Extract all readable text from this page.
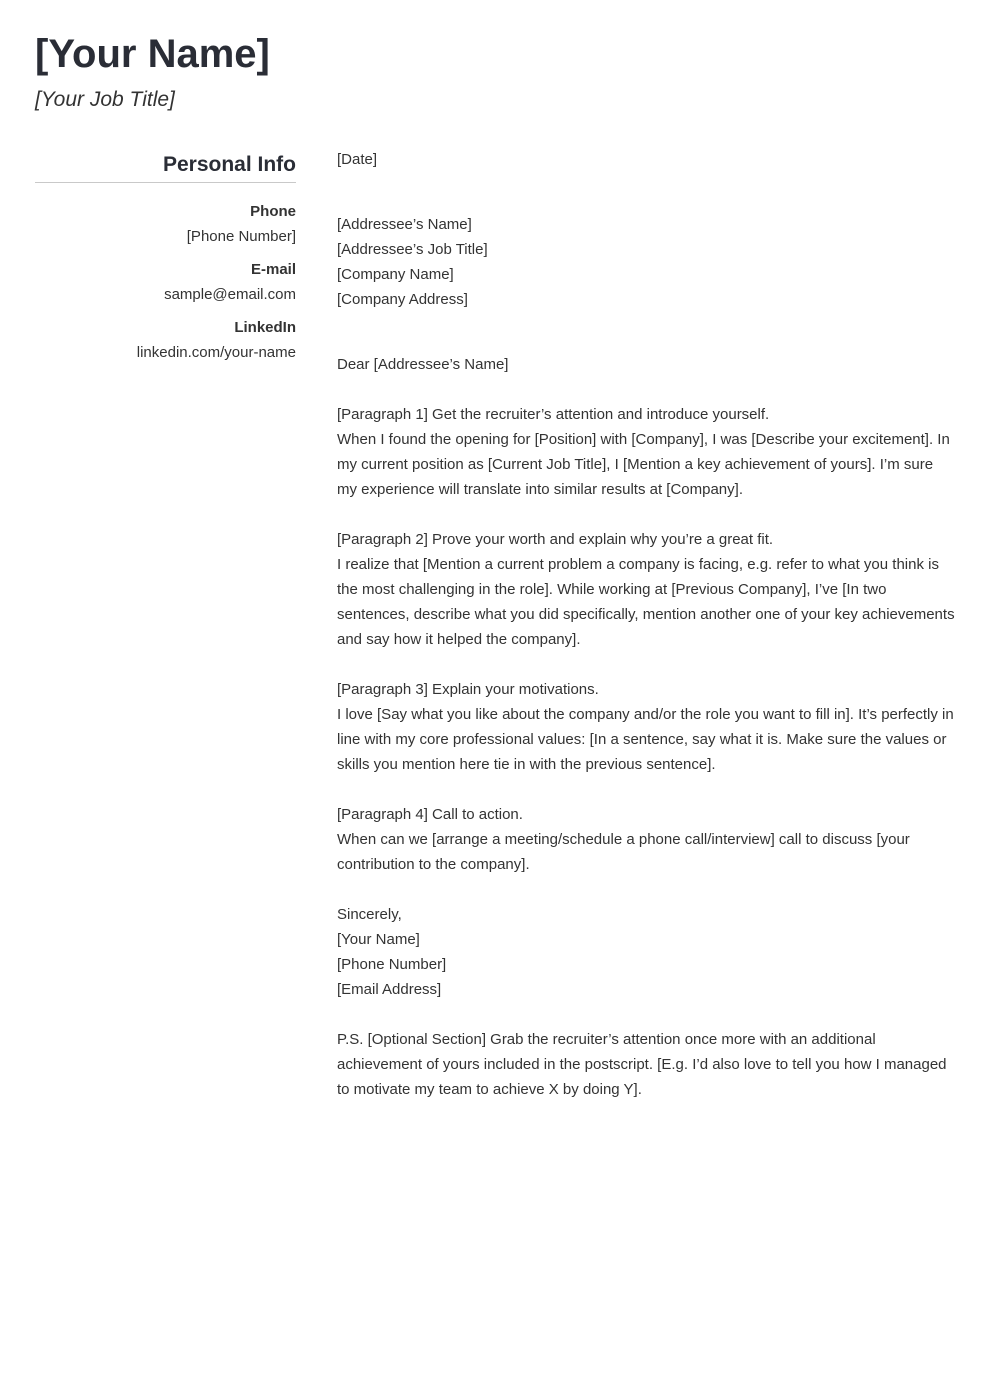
[Your Name]
[Your Job Title]
Personal Info
Phone
[Phone Number]
E-mail
sample@email.com
LinkedIn
linkedin.com/your-name
[Date]
[Addressee’s Name]
[Addressee’s Job Title]
[Company Name]
[Company Address]
Dear [Addressee’s Name]
[Paragraph 1] Get the recruiter’s attention and introduce yourself.

When I found the opening for [Position] with [Company], I was [Describe your excitement]. In my current position as [Current Job Title], I [Mention a key achievement of yours]. I’m sure my experience will translate into similar results at [Company].

[Paragraph 2] Prove your worth and explain why you’re a great fit.

I realize that [Mention a current problem a company is facing, e.g. refer to what you think is the most challenging in the role]. While working at [Previous Company], I’ve [In two sentences, describe what you did specifically, mention another one of your key achievements and say how it helped the company].

[Paragraph 3] Explain your motivations.

I love [Say what you like about the company and/or the role you want to fill in]. It’s perfectly in line with my core professional values: [In a sentence, say what it is. Make sure the values or skills you mention here tie in with the previous sentence].

[Paragraph 4] Call to action.

When can we [arrange a meeting/schedule a phone call/interview] call to discuss [your contribution to the company].

Sincerely,
[Your Name]
[Phone Number]
[Email Address]

P.S. [Optional Section] Grab the recruiter’s attention once more with an additional achievement of yours included in the postscript. [E.g. I’d also love to tell you how I managed to motivate my team to achieve X by doing Y].
